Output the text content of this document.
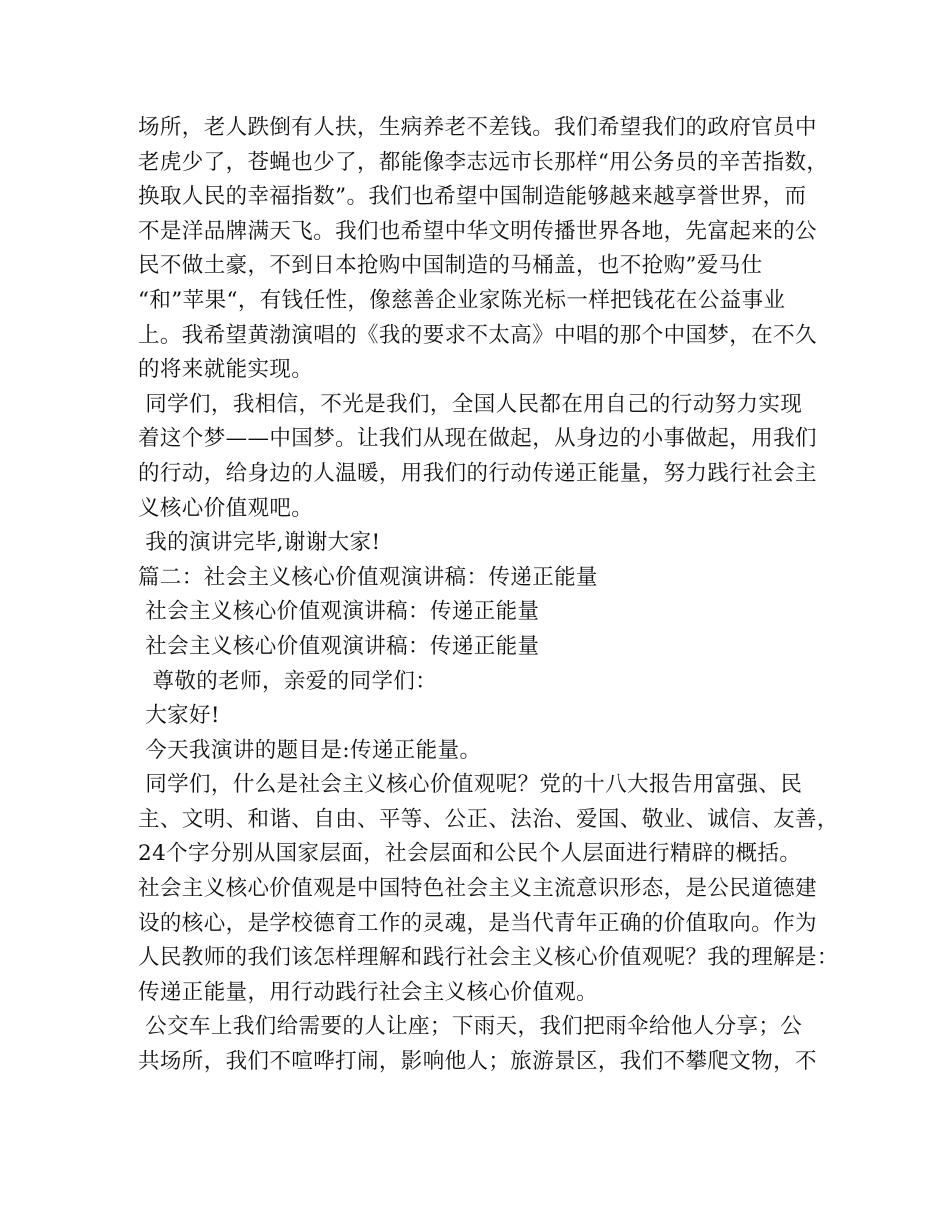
场所，老人跌倒有人扶，生病养老不差钱。我们希望我们的政府官员中
老虎少了，苍蝇也少了，都能像李志远市长那样“用公务员的辛苦指数，
换取人民的幸福指数”。我们也希望中国制造能够越来越享誉世界，而
不是洋品牌满天飞。我们也希望中华文明传播世界各地，先富起来的公
民不做土豪，不到日本抢购中国制造的马桶盖，也不抢购”爱马仕
“和”苹果“，有钱任性，像慈善企业家陈光标一样把钱花在公益事业
上。我希望黄渤演唱的《我的要求不太高》中唱的那个中国梦，在不久
的将来就能实现。
同学们，我相信，不光是我们，全国人民都在用自己的行动努力实现
着这个梦——中国梦。让我们从现在做起，从身边的小事做起，用我们
的行动，给身边的人温暖，用我们的行动传递正能量，努力践行社会主
义核心价值观吧。
我的演讲完毕,谢谢大家!
篇二：社会主义核心价值观演讲稿：传递正能量
社会主义核心价值观演讲稿：传递正能量
社会主义核心价值观演讲稿：传递正能量
尊敬的老师，亲爱的同学们：
大家好!
今天我演讲的题目是:传递正能量。
同学们，什么是社会主义核心价值观呢？党的十八大报告用富强、民
主、文明、和谐、自由、平等、公正、法治、爱国、敬业、诚信、友善，
24个字分别从国家层面，社会层面和公民个人层面进行精辟的概括。
社会主义核心价值观是中国特色社会主义主流意识形态，是公民道德建
设的核心，是学校德育工作的灵魂，是当代青年正确的价值取向。作为
人民教师的我们该怎样理解和践行社会主义核心价值观呢？我的理解是：
传递正能量，用行动践行社会主义核心价值观。
公交车上我们给需要的人让座；下雨天，我们把雨伞给他人分享；公
共场所，我们不喧哗打闹，影响他人；旅游景区，我们不攀爬文物，不
